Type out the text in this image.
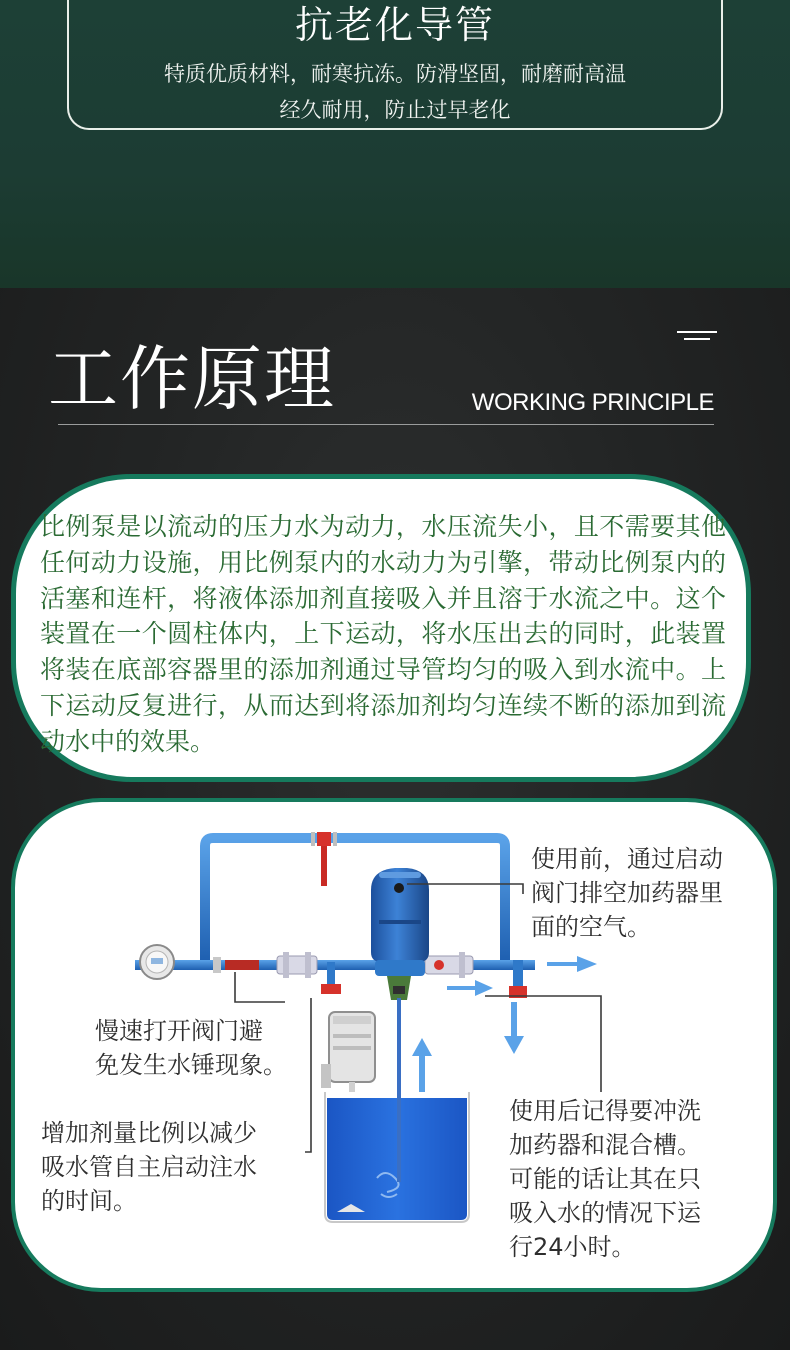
抗老化导管
特质优质材料，耐寒抗冻。防滑坚固，耐磨耐高温
经久耐用，防止过早老化
工作原理	WORKING PRINCIPLE
比例泵是以流动的压力水为动力，水压流失小，且不需要其他任何动力设施，用比例泵内的水动力为引擎，带动比例泵内的活塞和连杆，将液体添加剂直接吸入并且溶于水流之中。这个装置在一个圆柱体内，上下运动，将水压出去的同时，此装置将装在底部容器里的添加剂通过导管均匀的吸入到水流中。上下运动反复进行，从而达到将添加剂均匀连续不断的添加到流动水中的效果。
使用前，通过启动
阀门排空加药器里
面的空气。
慢速打开阀门避
免发生水锤现象。
增加剂量比例以减少
吸水管自主启动注水
的时间。
使用后记得要冲洗
加药器和混合槽。
可能的话让其在只
吸入水的情况下运
行24小时。
